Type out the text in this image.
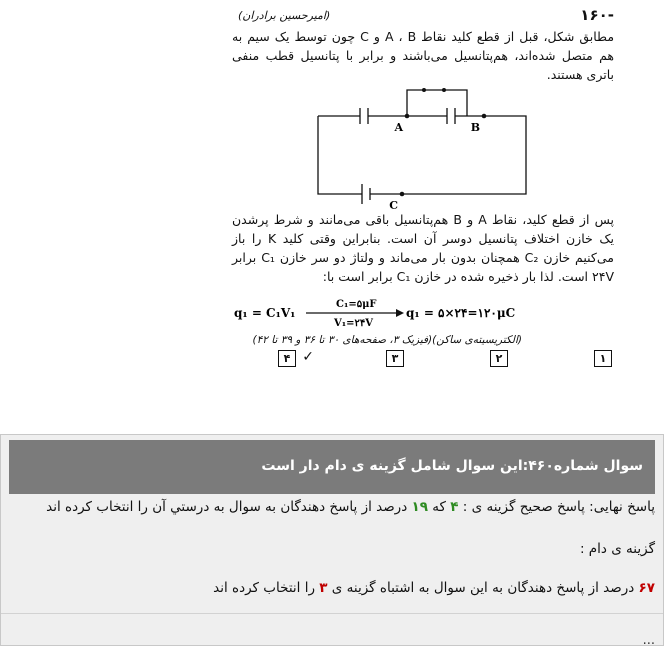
-۱۶۰
(امیرحسین برادران)
مطابق شکل، قبل از قطع کلید نقاط A ، B و C چون توسط یک سیم به هم متصل شده‌اند، هم‌پتانسیل می‌باشند و برابر با پتانسیل قطب منفی باتری هستند.
A	B
C
پس از قطع کلید، نقاط A و B هم‌پتانسیل باقی می‌مانند و شرط پرشدن یک خازن اختلاف پتانسیل دوسر آن است. بنابراین وقتی کلید K را باز می‌کنیم خازن C₂ همچنان بدون بار می‌ماند و ولتاژ دو سر خازن C₁ برابر ۲۴V است. لذا بار ذخیره شده در خازن C₁ برابر است با:
q₁ = C₁V₁
C₁=۵μF
V₁=۲۴V
q₁ = ۵×۲۴=۱۲۰μC
(الکتریسیته‌ی ساکن)(فیزیک ۳، صفحه‌های ۳۰ تا ۳۶ و ۳۹ تا ۴۲)
۱
۲
۳
✓
۴
سوال شماره۴۶۰:این سوال شامل گزینه ی دام دار است
پاسخ نهایی: پاسخ صحیح گزینه ی : ۴ که ۱۹ درصد از پاسخ دهندگان به سوال به درستي آن را انتخاب کرده اند
گزینه ی دام :
۶۷ درصد از پاسخ دهندگان به این سوال به اشتباه گزینه ی ۳ را انتخاب کرده اند
...
